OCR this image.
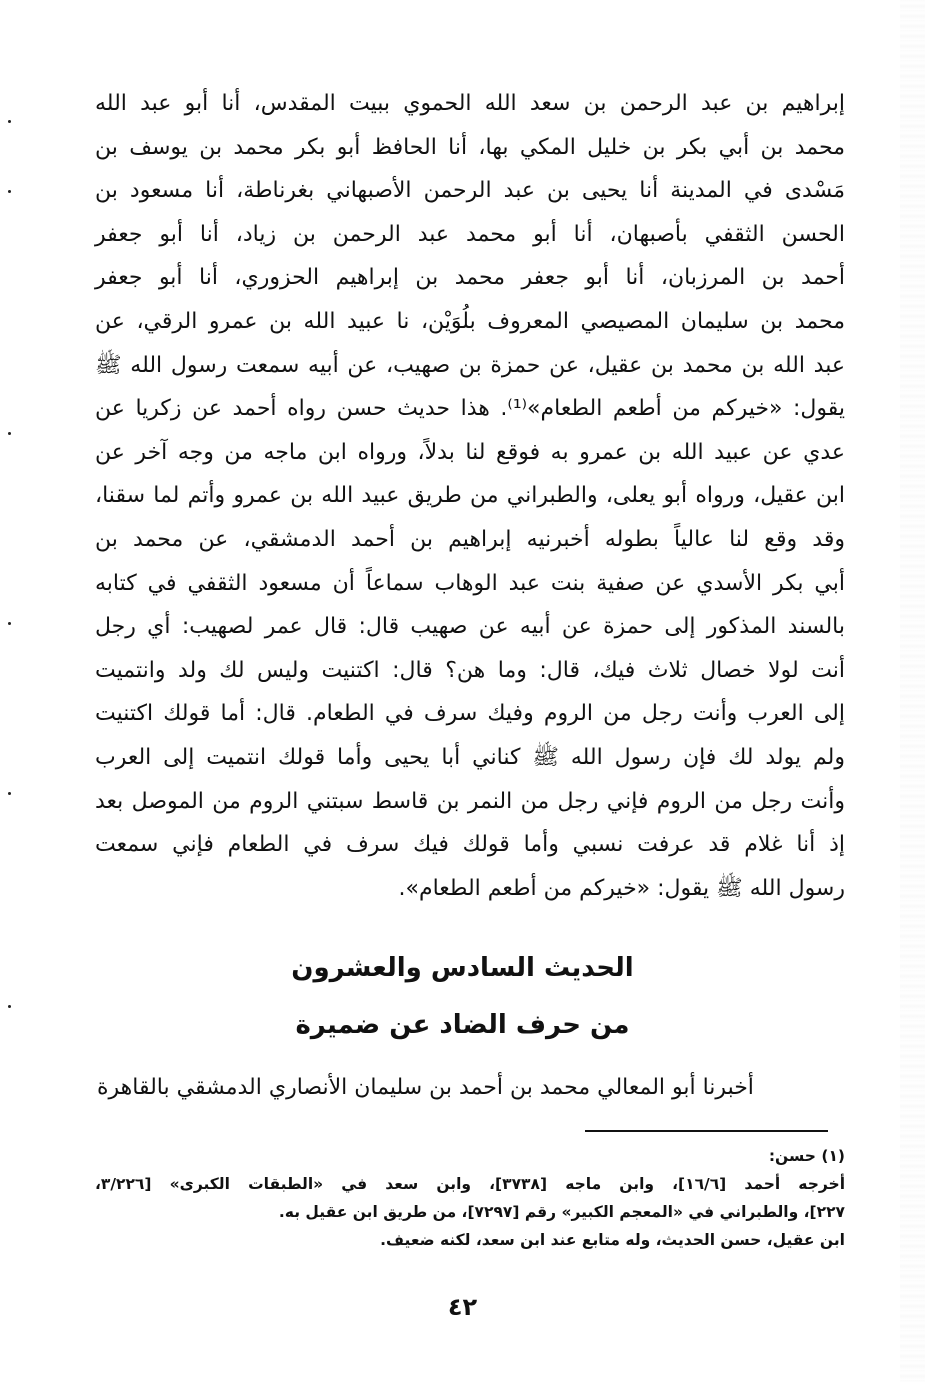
إبراهيم بن عبد الرحمن بن سعد الله الحموي ببيت المقدس، أنا أبو عبد الله
محمد بن أبي بكر بن خليل المكي بها، أنا الحافظ أبو بكر محمد بن يوسف بن
مَسْدى في المدينة أنا يحيى بن عبد الرحمن الأصبهاني بغرناطة، أنا مسعود بن
الحسن الثقفي بأصبهان، أنا أبو محمد عبد الرحمن بن زياد، أنا أبو جعفر
أحمد بن المرزبان، أنا أبو جعفر محمد بن إبراهيم الحزوري، أنا أبو جعفر
محمد بن سليمان المصيصي المعروف بلُوَيْن، نا عبيد الله بن عمرو الرقي، عن
عبد الله بن محمد بن عقيل، عن حمزة بن صهيب، عن أبيه سمعت رسول الله ﷺ
يقول: «خيركم من أطعم الطعام»⁽¹⁾. هذا حديث حسن رواه أحمد عن زكريا عن
عدي عن عبيد الله بن عمرو به فوقع لنا بدلاً، ورواه ابن ماجه من وجه آخر عن
ابن عقيل، ورواه أبو يعلى، والطبراني من طريق عبيد الله بن عمرو وأتم لما سقنا،
وقد وقع لنا عالياً بطوله أخبرنيه إبراهيم بن أحمد الدمشقي، عن محمد بن
أبي بكر الأسدي عن صفية بنت عبد الوهاب سماعاً أن مسعود الثقفي في كتابه
بالسند المذكور إلى حمزة عن أبيه عن صهيب قال: قال عمر لصهيب: أي رجل
أنت لولا خصال ثلاث فيك، قال: وما هن؟ قال: اكتنيت وليس لك ولد وانتميت
إلى العرب وأنت رجل من الروم وفيك سرف في الطعام. قال: أما قولك اكتنيت
ولم يولد لك فإن رسول الله ﷺ كناني أبا يحيى وأما قولك انتميت إلى العرب
وأنت رجل من الروم فإني رجل من النمر بن قاسط سبتني الروم من الموصل بعد
إذ أنا غلام قد عرفت نسبي وأما قولك فيك سرف في الطعام فإني سمعت
رسول الله ﷺ يقول: «خيركم من أطعم الطعام».
الحديث السادس والعشرون
من حرف الضاد عن ضميرة
أخبرنا أبو المعالي محمد بن أحمد بن سليمان الأنصاري الدمشقي بالقاهرة
(١) حسن:
أخرجه أحمد [١٦/٦]، وابن ماجه [٣٧٣٨]، وابن سعد في «الطبقات الكبرى» [٣/٢٢٦،
٢٢٧]، والطبراني في «المعجم الكبير» رقم [٧٢٩٧]، من طريق ابن عقيل به.
ابن عقيل، حسن الحديث، وله متابع عند ابن سعد، لكنه ضعيف.
٤٢
